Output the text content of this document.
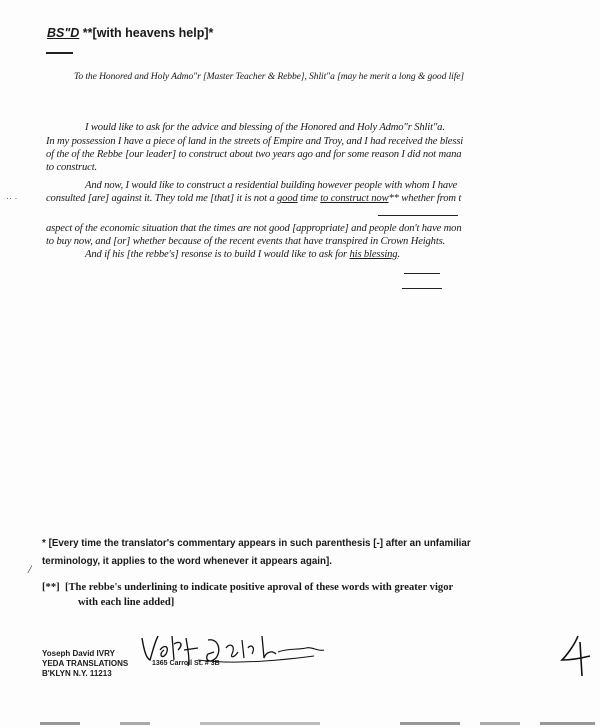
BS"D **[with heavens help]*
To the Honored and Holy Admo"r [Master Teacher & Rebbe], Shlit"a [may he merit a long & good life]
I would like to ask for the advice and blessing of the Honored and Holy Admo"r Shlit"a.
In my possession I have a piece of land in the streets of Empire and Troy, and I had received the blessi
of the of the Rebbe [our leader] to construct about two years ago and for some reason I did not mana
to construct.
And now, I would like to construct a residential building however people with whom I have
consulted [are] against it. They told me [that] it is not a good time to construct now** whether from t
aspect of the economic situation that the times are not good [appropriate] and people don't have mon
to buy now, and [or] whether because of the recent events that have transpired in Crown Heights.
And if his [the rebbe's] resonse is to build I would like to ask for his blessing.
·· ·
* [Every time the translator's commentary appears in such parenthesis [-] after an unfamiliar
terminology, it applies to the word whenever it appears again].
/
[**] [The rebbe's underlining to indicate positive aproval of these words with greater vigor
with each line added]
Yoseph David IVRY
YEDA TRANSLATIONS
B'KLYN N.Y. 11213
1365 Carroll St. # 3B
